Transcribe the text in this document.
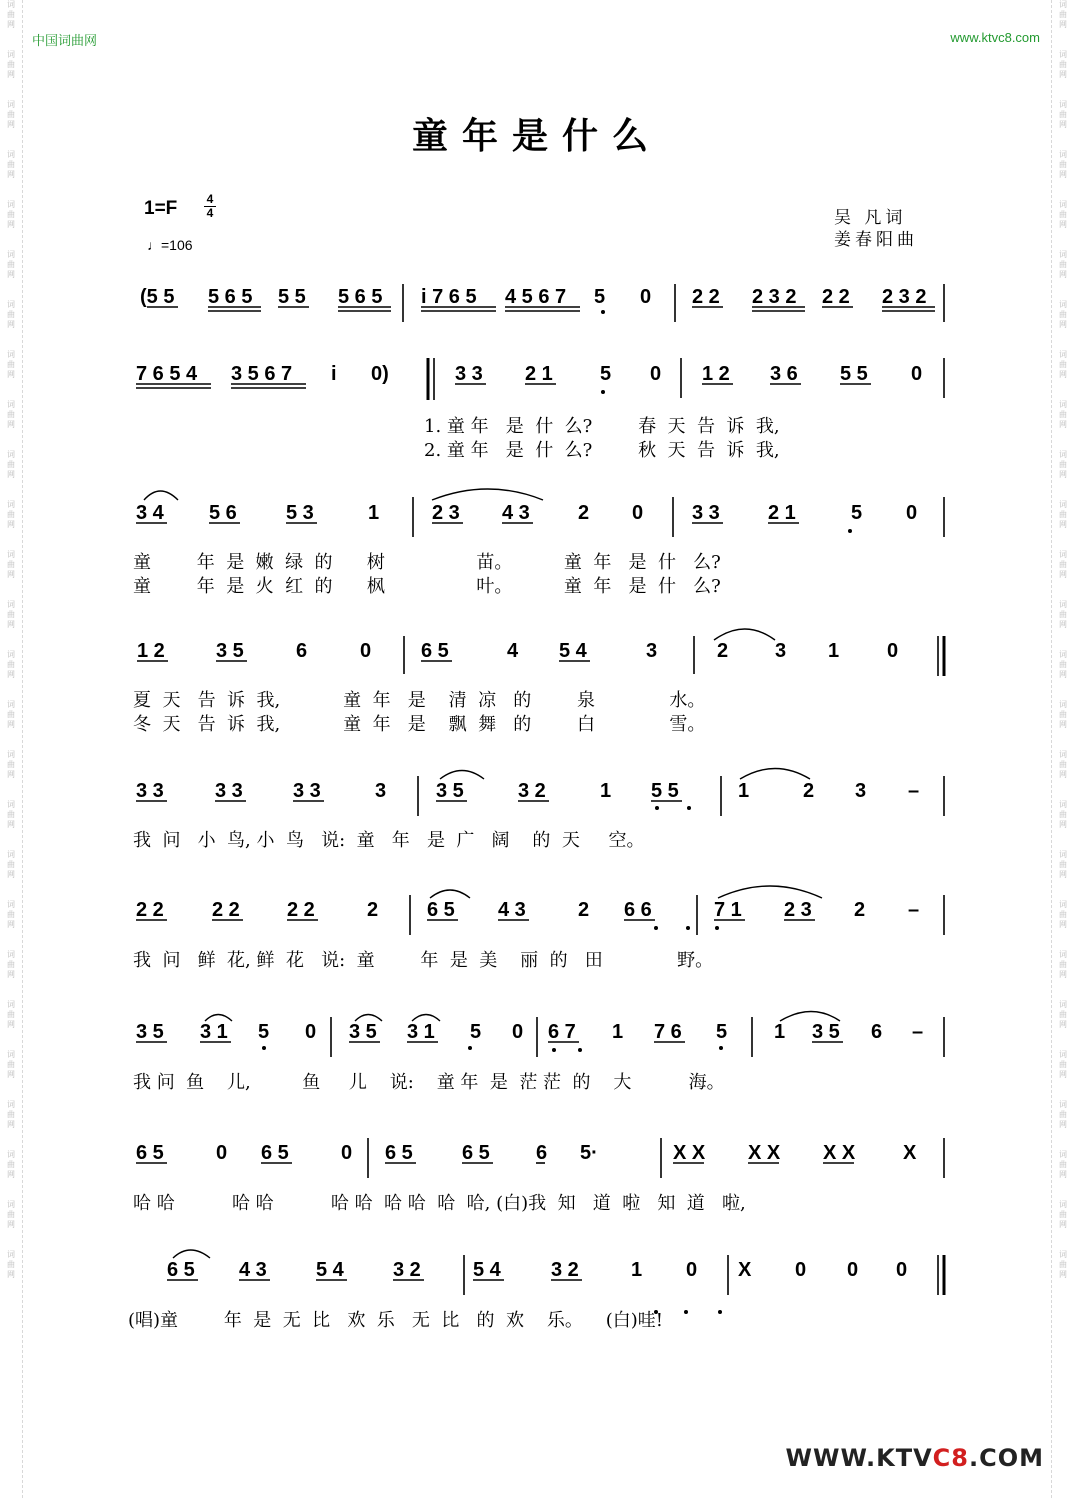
词
曲
网

词
曲
网

词
曲
网

词
曲
网

词
曲
网

词
曲
网

词
曲
网

词
曲
网

词
曲
网

词
曲
网

词
曲
网

词
曲
网

词
曲
网

词
曲
网

词
曲
网

词
曲
网

词
曲
网

词
曲
网

词
曲
网

词
曲
网

词
曲
网

词
曲
网

词
曲
网

词
曲
网

词
曲
网

词
曲
网

词
曲
网

词
曲
网

词
曲
网

词
曲
网

词
曲
网

词
曲
网

词
曲
网

词
曲
网

词
曲
网

词
曲
网

词
曲
网

词
曲
网

词
曲
网

词
曲
网

词
曲
网

词
曲
网

词
曲
网

词
曲
网

词
曲
网

词
曲
网

词
曲
网

词
曲
网

词
曲
网

词
曲
网

词
曲
网

词
曲
网

中国词曲网	www.ktvc8.com
童年是什么
1=F 4
4
♩=106
吴 凡词
姜春阳曲
(5 5 5 6 5 5 5 5 6 5 i 7 6 5 4 5 6 7 5 0 2 2 2 3 2 2 2 2 3 2
7 6 5 4 3 5 6 7 i 0)	3 3 2 1 5 0 1 2 3 6 5 5 0
3 4 5 6 5 3	1	2 3 4 3 2 0 3 3 2 1	5 0
1 2	3 5	6	0 6 5	4 5 4	3	2 3 1 0
3 3	3 3	3 3	3 3 5	3 2	1 5 5	1	2 3 –
2 2 2 2 2 2	2 6 5 4 3	2 6 6	7 1 2 3 2 –
3 5 3 1 5 0 3 5 3 1 5 0 6 7 1 7 6 5 1 3 5 6 –
6 5	0 6 5	0 6 5 6 5 6 5·	X X X X X X X
6 5 4 3 5 4 3 2	5 4	3 2	1 0 X 0 0 0
1. 童 年   是  什  么?        春  天  告  诉  我,
2. 童 年   是  什  么?        秋  天  告  诉  我,
童        年  是  嫩  绿  的      树                苗。         童  年   是  什   么?
童        年  是  火  红  的      枫                叶。         童  年   是  什   么?
夏  天   告  诉  我,           童  年   是    清  凉   的        泉             水。
冬  天   告  诉  我,           童  年   是    飘  舞   的        白             雪。
我  问   小  鸟, 小  鸟   说:  童   年   是  广   阔    的  天     空。
我  问   鲜  花, 鲜  花   说:  童        年  是  美    丽  的   田             野。
我 问  鱼    儿,         鱼     儿    说:    童 年  是  茫 茫  的    大          海。
哈 哈          哈 哈          哈 哈  哈 哈  哈  哈, (白)我  知   道  啦   知  道   啦,
(唱)童        年  是  无  比   欢  乐   无  比   的  欢    乐。    (白)哇!
WWW.KTVC8.COM
